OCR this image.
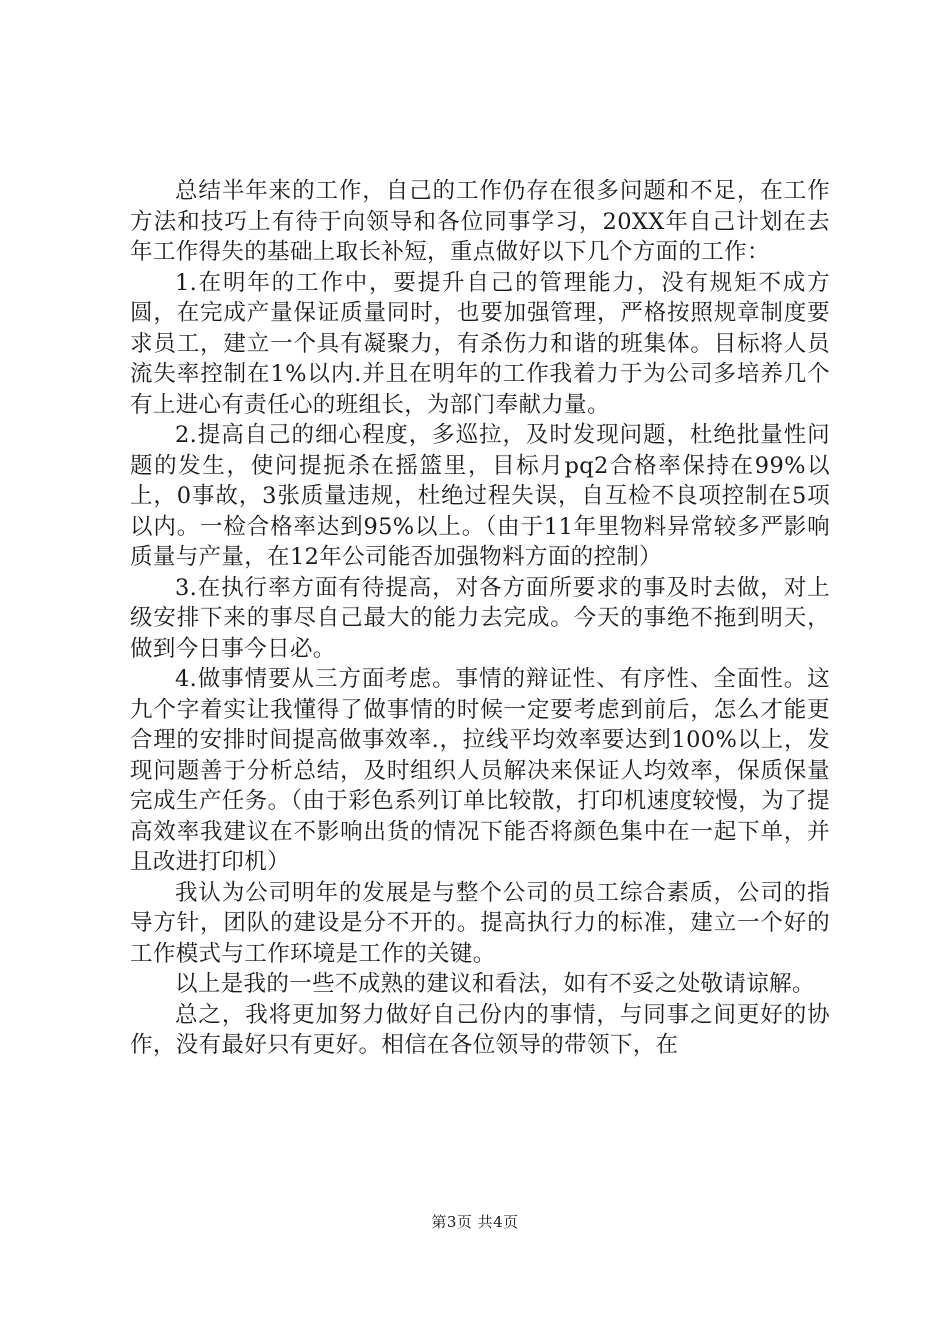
总结半年来的工作，自己的工作仍存在很多问题和不足，在工作方法和技巧上有待于向领导和各位同事学习，20XX年自己计划在去年工作得失的基础上取长补短，重点做好以下几个方面的工作：

1.在明年的工作中，要提升自己的管理能力，没有规矩不成方圆，在完成产量保证质量同时，也要加强管理，严格按照规章制度要求员工，建立一个具有凝聚力，有杀伤力和谐的班集体。目标将人员流失率控制在1%以内.并且在明年的工作我着力于为公司多培养几个有上进心有责任心的班组长，为部门奉献力量。

2.提高自己的细心程度，多巡拉，及时发现问题，杜绝批量性问题的发生，使问提扼杀在摇篮里，目标月pq2合格率保持在99%以上，0事故，3张质量违规，杜绝过程失误，自互检不良项控制在5项以内。一检合格率达到95%以上。（由于11年里物料异常较多严影响质量与产量，在12年公司能否加强物料方面的控制）

3.在执行率方面有待提高，对各方面所要求的事及时去做，对上级安排下来的事尽自己最大的能力去完成。今天的事绝不拖到明天，做到今日事今日必。

4.做事情要从三方面考虑。事情的辩证性、有序性、全面性。这九个字着实让我懂得了做事情的时候一定要考虑到前后，怎么才能更合理的安排时间提高做事效率.，拉线平均效率要达到100%以上，发现问题善于分析总结，及时组织人员解决来保证人均效率，保质保量完成生产任务。（由于彩色系列订单比较散，打印机速度较慢，为了提高效率我建议在不影响出货的情况下能否将颜色集中在一起下单，并且改进打印机）

我认为公司明年的发展是与整个公司的员工综合素质，公司的指导方针，团队的建设是分不开的。提高执行力的标准，建立一个好的工作模式与工作环境是工作的关键。

以上是我的一些不成熟的建议和看法，如有不妥之处敬请谅解。

总之，我将更加努力做好自己份内的事情，与同事之间更好的协作，没有最好只有更好。相信在各位领导的带领下，在

第3页 共4页
